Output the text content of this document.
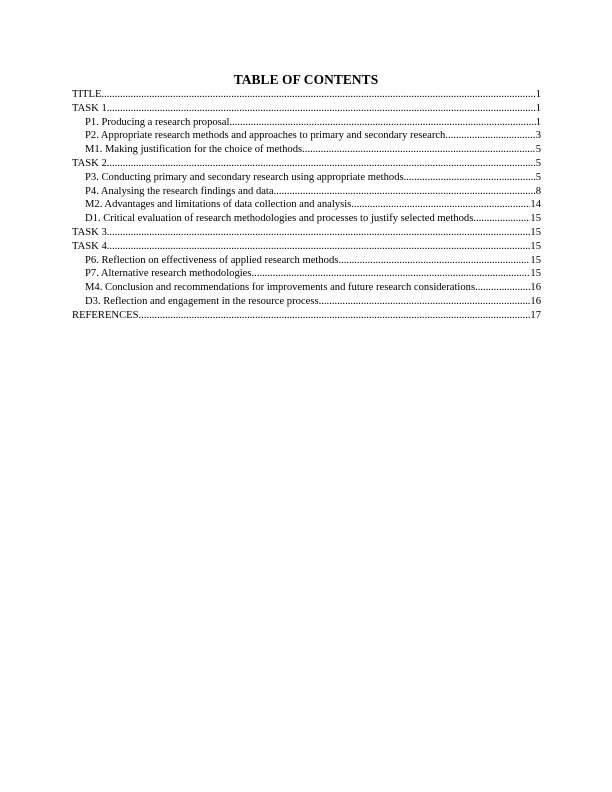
TABLE OF CONTENTS
TITLE .....	1
TASK 1 .....	1
P1. Producing a research proposal .....	1
P2. Appropriate research methods and approaches to primary and secondary research .....	3
M1. Making justification for the choice of methods .....	5
TASK 2 .....	5
P3. Conducting primary and secondary research using appropriate methods .....	5
P4. Analysing the research findings and data .....	8
M2. Advantages and limitations of data collection and analysis .....	14
D1. Critical evaluation of research methodologies and processes to justify selected methods .....	15
TASK 3 .....	15
TASK 4 .....	15
P6. Reflection on effectiveness of applied research methods .....	15
P7. Alternative research methodologies .....	15
M4. Conclusion and recommendations for improvements and future research considerations .....	16
D3. Reflection and engagement in the resource process .....	16
REFERENCES .....	17
